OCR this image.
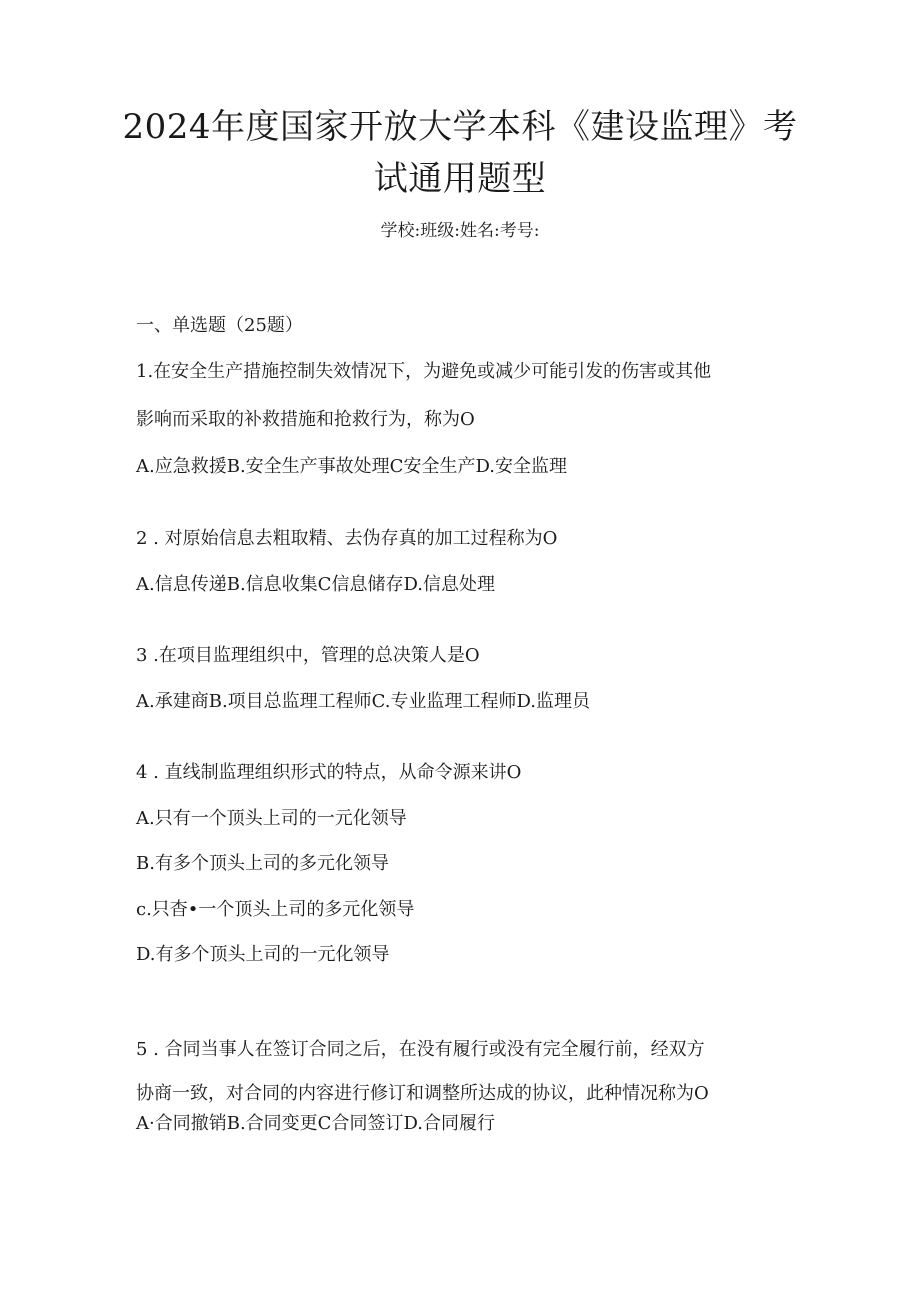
2024年度国家开放大学本科《建设监理》考
试通用题型
学校:班级:姓名:考号:

一、单选题（25题）

1.在安全生产措施控制失效情况下，为避免或减少可能引发的伤害或其他

影响而采取的补救措施和抢救行为，称为O

A.应急救援B.安全生产事故处理C安全生产D.安全监理

2 . 对原始信息去粗取精、去伪存真的加工过程称为O

A.信息传递B.信息收集C信息储存D.信息处理

3 .在项目监理组织中，管理的总决策人是O

A.承建商B.项目总监理工程师C.专业监理工程师D.监理员

4 . 直线制监理组织形式的特点，从命令源来讲O

A.只有一个顶头上司的一元化领导

B.有多个顶头上司的多元化领导

c.只杳•一个顶头上司的多元化领导

D.有多个顶头上司的一元化领导

5 . 合同当事人在签订合同之后，在没有履行或没有完全履行前，经双方

协商一致，对合同的内容进行修订和调整所达成的协议，此种情况称为O

A·合同撤销B.合同变更C合同签订D.合同履行
